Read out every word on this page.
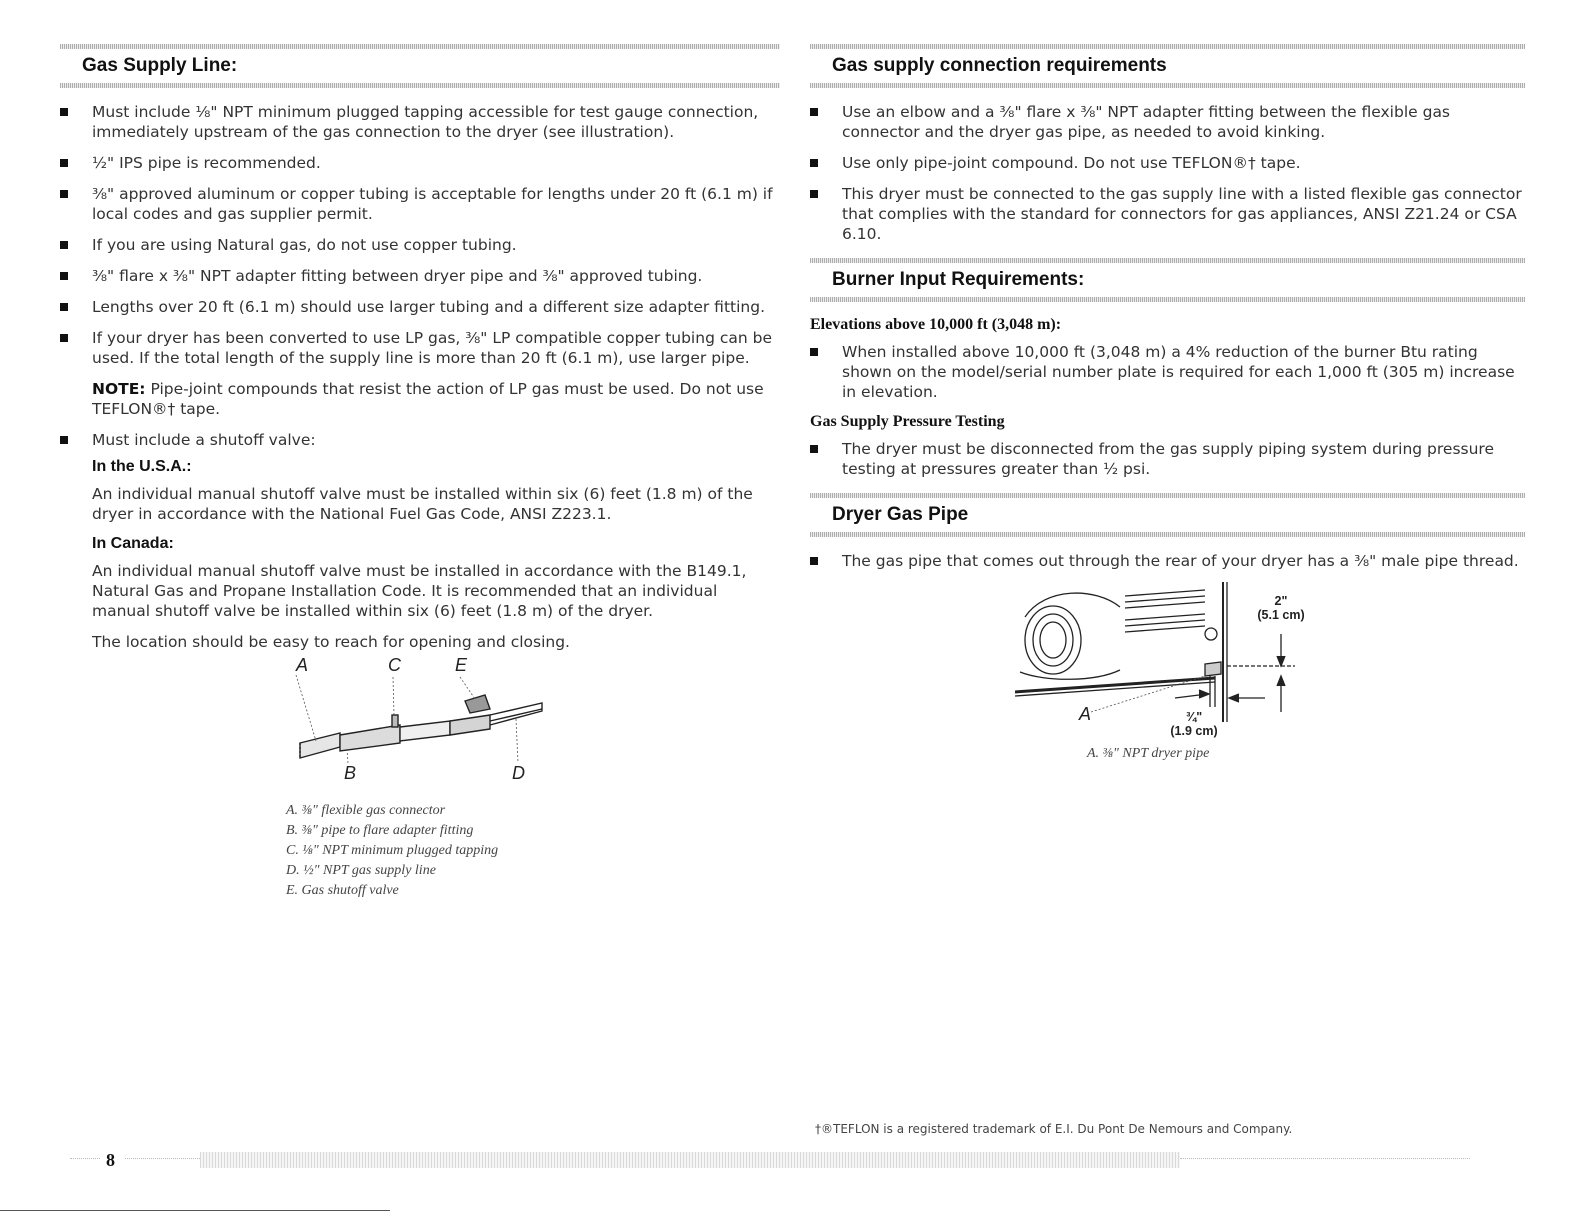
Gas Supply Line:
Must include ⅛" NPT minimum plugged tapping accessible for test gauge connection, immediately upstream of the gas connection to the dryer (see illustration).
½" IPS pipe is recommended.
⅜" approved aluminum or copper tubing is acceptable for lengths under 20 ft (6.1 m) if local codes and gas supplier permit.
If you are using Natural gas, do not use copper tubing.
⅜" flare x ⅜" NPT adapter fitting between dryer pipe and ⅜" approved tubing.
Lengths over 20 ft (6.1 m) should use larger tubing and a different size adapter fitting.
If your dryer has been converted to use LP gas, ⅜" LP compatible copper tubing can be used. If the total length of the supply line is more than 20 ft (6.1 m), use larger pipe.

NOTE: Pipe-joint compounds that resist the action of LP gas must be used. Do not use TEFLON®† tape.

Must include a shutoff valve:
In the U.S.A.:

An individual manual shutoff valve must be installed within six (6) feet (1.8 m) of the dryer in accordance with the National Fuel Gas Code, ANSI Z223.1.

In Canada:

An individual manual shutoff valve must be installed in accordance with the B149.1, Natural Gas and Propane Installation Code. It is recommended that an individual manual shutoff valve be installed within six (6) feet (1.8 m) of the dryer.

The location should be easy to reach for opening and closing.

A	C	E
B	D
A. ⅜" flexible gas connector
B. ⅜" pipe to flare adapter fitting
C. ⅛" NPT minimum plugged tapping
D. ½" NPT gas supply line
E. Gas shutoff valve
Gas supply connection requirements
Use an elbow and a ⅜" flare x ⅜" NPT adapter fitting between the flexible gas connector and the dryer gas pipe, as needed to avoid kinking.
Use only pipe-joint compound. Do not use TEFLON®† tape.
This dryer must be connected to the gas supply line with a listed flexible gas connector that complies with the standard for connectors for gas appliances, ANSI Z21.24 or CSA 6.10.
Burner Input Requirements:
Elevations above 10,000 ft (3,048 m):
When installed above 10,000 ft (3,048 m) a 4% reduction of the burner Btu rating shown on the model/serial number plate is required for each 1,000 ft (305 m) increase in elevation.
Gas Supply Pressure Testing
The dryer must be disconnected from the gas supply piping system during pressure testing at pressures greater than ½ psi.
Dryer Gas Pipe
The gas pipe that comes out through the rear of your dryer has a ⅜" male pipe thread.
A
2"
(5.1 cm)
¾"
(1.9 cm)
A. ⅜" NPT dryer pipe
†®TEFLON is a registered trademark of E.I. Du Pont De Nemours and Company.
8
